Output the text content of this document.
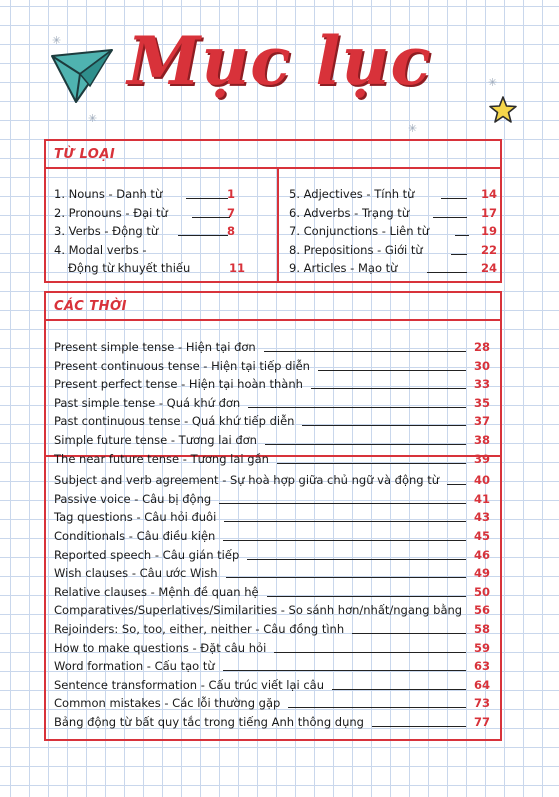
✳
✳
✳
✳
Mục lục
TỪ LOẠI
1. Nouns - Danh từ	1
2. Pronouns - Đại từ	7
3. Verbs - Động từ	8
4. Modal verbs -
Động từ khuyết thiếu	11
5. Adjectives - Tính từ	14
6. Adverbs - Trạng từ	17
7. Conjunctions - Liên từ	19
8. Prepositions - Giới từ	22
9. Articles - Mạo từ	24
CÁC THỜI
Present simple tense - Hiện tại đơn	28
Present continuous tense - Hiện tại tiếp diễn	30
Present perfect tense - Hiện tại hoàn thành	33
Past simple tense - Quá khứ đơn	35
Past continuous tense - Quá khứ tiếp diễn	37
Simple future tense - Tương lai đơn	38
The near future tense - Tương lai gần	39
Subject and verb agreement - Sự hoà hợp giữa chủ ngữ và động từ	40
Passive voice - Câu bị động	41
Tag questions - Câu hỏi đuôi	43
Conditionals - Câu điều kiện	45
Reported speech - Câu gián tiếp	46
Wish clauses - Câu ước Wish	49
Relative clauses - Mệnh đề quan hệ	50
Comparatives/Superlatives/Similarities - So sánh hơn/nhất/ngang bằng 56
Rejoinders: So, too, either, neither - Câu đồng tình	58
How to make questions - Đặt câu hỏi	59
Word formation - Cấu tạo từ	63
Sentence transformation - Cấu trúc viết lại câu	64
Common mistakes - Các lỗi thường gặp	73
Bảng động từ bất quy tắc trong tiếng Anh thông dụng	77
